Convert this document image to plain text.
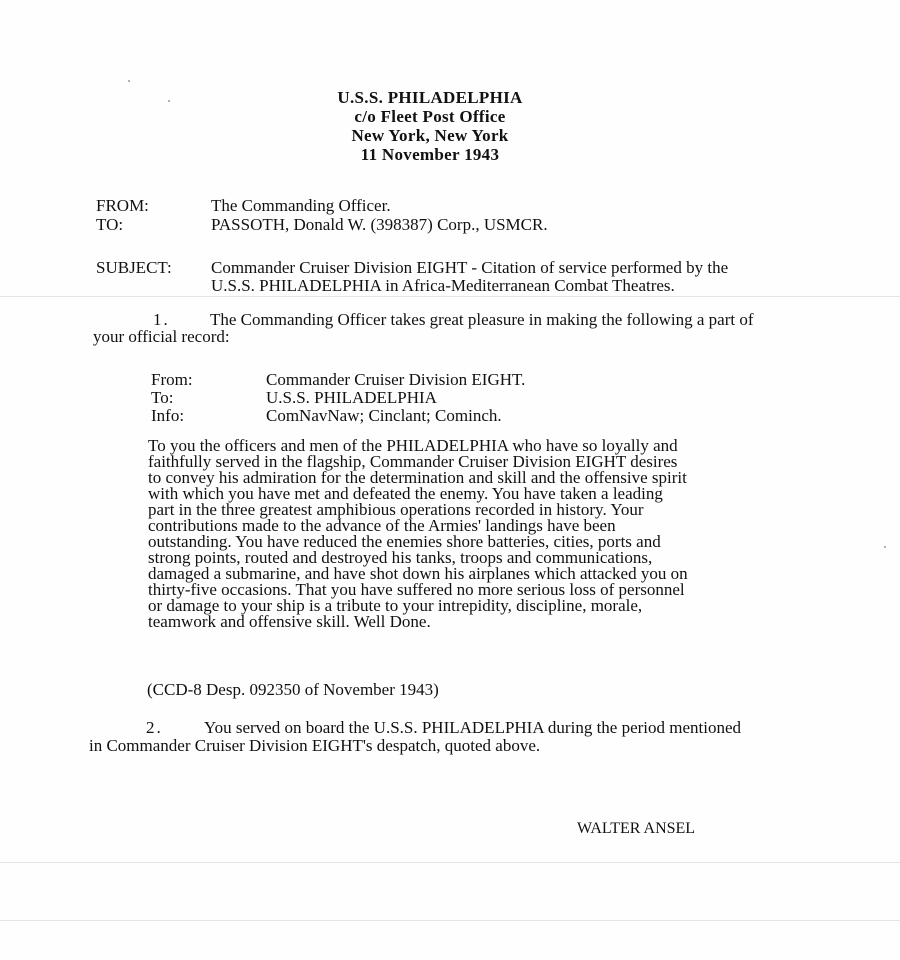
U.S.S. PHILADELPHIA
c/o Fleet Post Office
New York, New York
11 November 1943
FROM:	The Commanding Officer.
TO:	PASSOTH, Donald W. (398387) Corp., USMCR.
SUBJECT: Commander Cruiser Division EIGHT - Citation of service performed by the
U.S.S. PHILADELPHIA in Africa-Mediterranean Combat Theatres.
1. The Commanding Officer takes great pleasure in making the following a part of
your official record:
From:	Commander Cruiser Division EIGHT.
To:	U.S.S. PHILADELPHIA
Info:	ComNavNaw; Cinclant; Cominch.
To you the officers and men of the PHILADELPHIA who have so loyally and
faithfully served in the flagship, Commander Cruiser Division EIGHT desires
to convey his admiration for the determination and skill and the offensive spirit
with which you have met and defeated the enemy. You have taken a leading
part in the three greatest amphibious operations recorded in history. Your
contributions made to the advance of the Armies' landings have been
outstanding. You have reduced the enemies shore batteries, cities, ports and
strong points, routed and destroyed his tanks, troops and communications,
damaged a submarine, and have shot down his airplanes which attacked you on
thirty-five occasions. That you have suffered no more serious loss of personnel
or damage to your ship is a tribute to your intrepidity, discipline, morale,
teamwork and offensive skill. Well Done.
(CCD-8 Desp. 092350 of November 1943)
2. You served on board the U.S.S. PHILADELPHIA during the period mentioned
in Commander Cruiser Division EIGHT's despatch, quoted above.
WALTER ANSEL
